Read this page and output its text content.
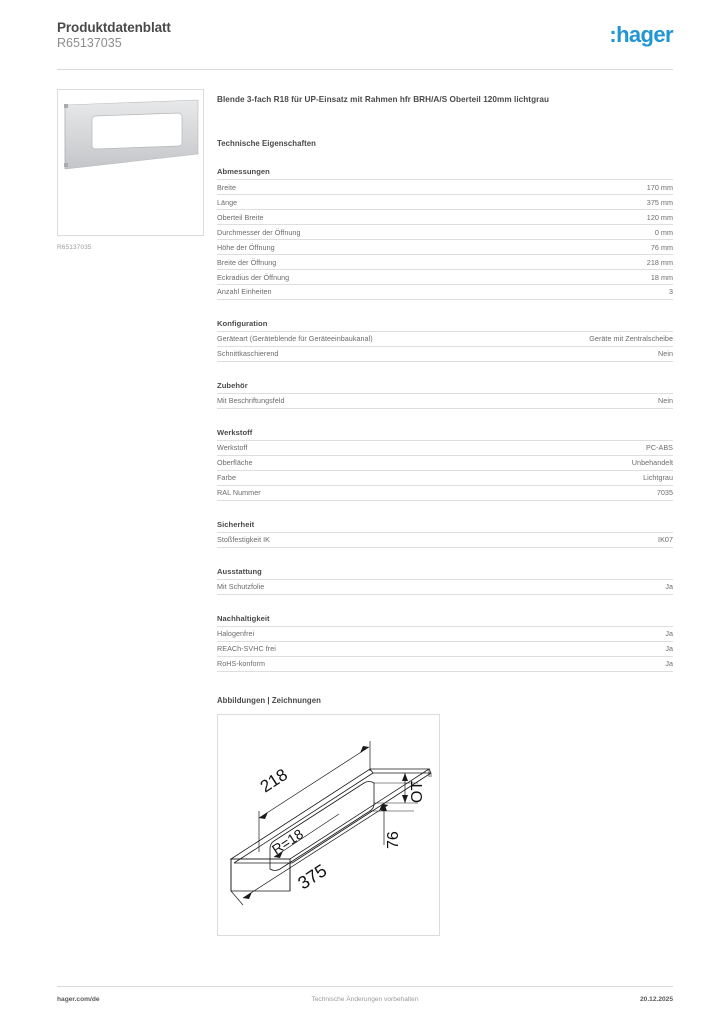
Produktdatenblatt
R65137035	:hager
R65137035
Blende 3-fach R18 für UP-Einsatz mit Rahmen hfr BRH/A/S Oberteil 120mm lichtgrau
Technische Eigenschaften
Abmessungen
Breite	170 mm
Länge	375 mm
Oberteil Breite	120 mm
Durchmesser der Öffnung	0 mm
Höhe der Öffnung	76 mm
Breite der Öffnung	218 mm
Eckradius der Öffnung	18 mm
Anzahl Einheiten	3
Konfiguration
Geräteart (Geräteblende für Geräteeinbaukanal)	Geräte mit Zentralscheibe
Schnittkaschierend	Nein
Zubehör
Mit Beschriftungsfeld	Nein
Werkstoff
Werkstoff	PC-ABS
Oberfläche	Unbehandelt
Farbe	Lichtgrau
RAL Nummer	7035
Sicherheit
Stoßfestigkeit IK	IK07
Ausstattung
Mit Schutzfolie	Ja
Nachhaltigkeit
Halogenfrei	Ja
REACh-SVHC frei	Ja
RoHS-konform	Ja
Abbildungen | Zeichnungen
218
R=18
375
OT
76
hager.com/de	Technische Änderungen vorbehalten	20.12.2025
